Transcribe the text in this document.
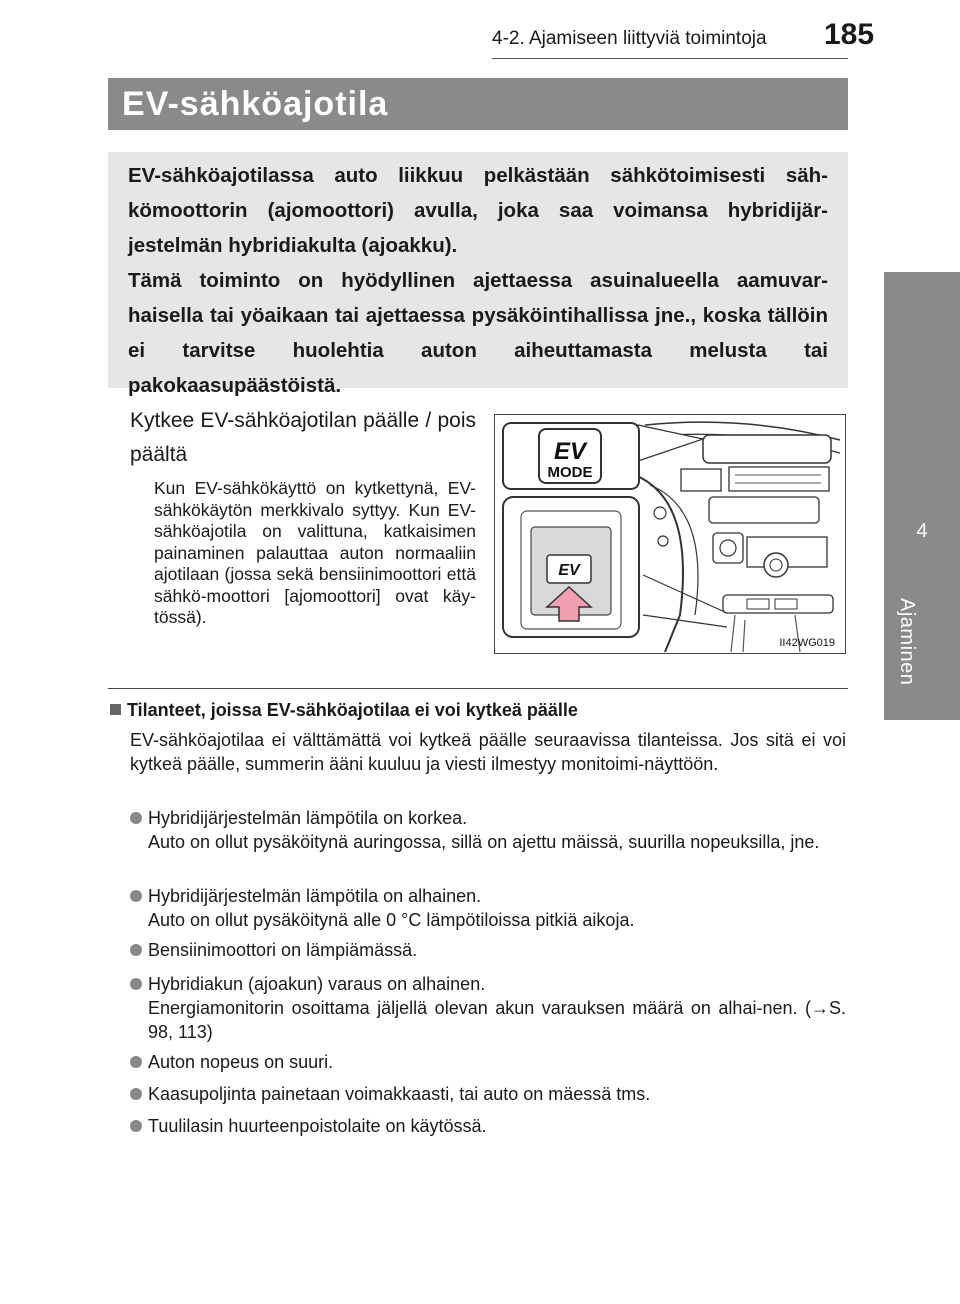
4-2. Ajamiseen liittyviä toimintoja 185
4
Ajaminen
EV-sähköajotila

EV-sähköajotilassa auto liikkuu pelkästään sähkötoimisesti säh-kömoottorin (ajomoottori) avulla, joka saa voimansa hybridijär-jestelmän hybridiakulta (ajoakku).

Tämä toiminto on hyödyllinen ajettaessa asuinalueella aamuvar-haisella tai yöaikaan tai ajettaessa pysäköintihallissa jne., koska tällöin ei tarvitse huolehtia auton aiheuttamasta melusta tai pakokaasupäästöistä.

Kytkee EV-sähköajotilan päälle / pois päältä

Kun EV-sähkökäyttö on kytkettynä, EV-sähkökäytön merkkivalo syttyy. Kun EV-sähköajotila on valittuna, katkaisimen painaminen palauttaa auton normaaliin ajotilaan (jossa sekä bensiinimoottori että sähkö-moottori [ajomoottori] ovat käy-tössä).

EV
MODE
EV
II42WG019
Tilanteet, joissa EV-sähköajotilaa ei voi kytkeä päälle

EV-sähköajotilaa ei välttämättä voi kytkeä päälle seuraavissa tilanteissa. Jos sitä ei voi kytkeä päälle, summerin ääni kuuluu ja viesti ilmestyy monitoimi-näyttöön.

Hybridijärjestelmän lämpötila on korkea.
Auto on ollut pysäköitynä auringossa, sillä on ajettu mäissä, suurilla nopeuksilla, jne.
Hybridijärjestelmän lämpötila on alhainen.
Auto on ollut pysäköitynä alle 0 °C lämpötiloissa pitkiä aikoja.
Bensiinimoottori on lämpiämässä.
Hybridiakun (ajoakun) varaus on alhainen.
Energiamonitorin osoittama jäljellä olevan akun varauksen määrä on alhai-nen. (→S. 98, 113)
Auton nopeus on suuri.
Kaasupoljinta painetaan voimakkaasti, tai auto on mäessä tms.
Tuulilasin huurteenpoistolaite on käytössä.
